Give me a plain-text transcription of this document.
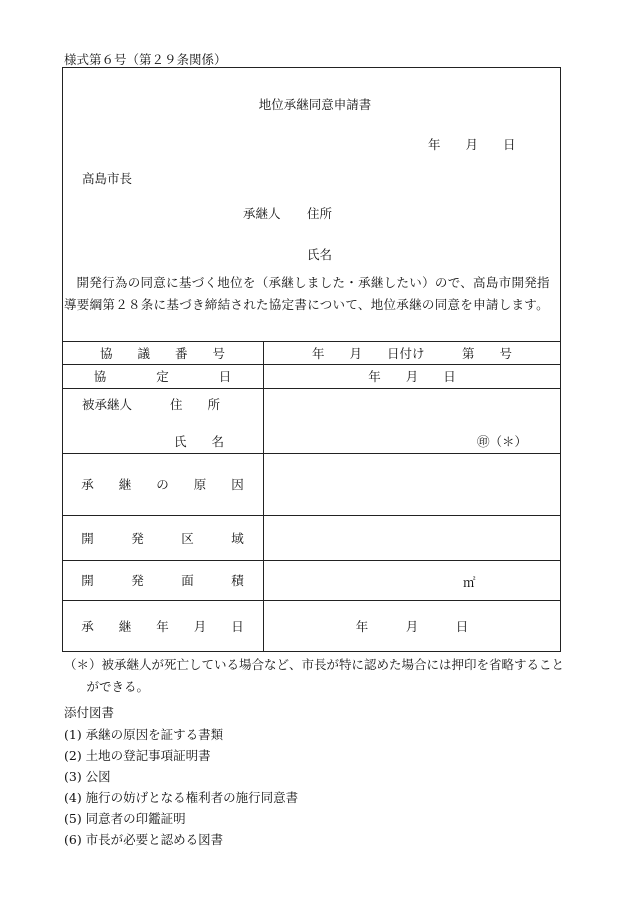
様式第６号（第２９条関係）
地位承継同意申請書
年　　月　　日
高島市長
承継人 住所
氏名
開発行為の同意に基づく地位を（承継しました・承継したい）ので、高島市開発指導要綱第２８条に基づき締結された協定書について、地位承継の同意を申請します。
協　　議　　番　　号	年　　月　　日付け　　　第　　号
協　　　　定　　　　日	年　　月　　日
被承継人	住　　所
氏　　名	㊞（＊）
承　　継　　の　　原　　因
開　　　発　　　区　　　域
開　　　発　　　面　　　積	㎡
承　　継　　年　　月　　日	年　　　月　　　日
（＊）被承継人が死亡している場合など、市長が特に認めた場合には押印を省略することができる。
添付図書
(1) 承継の原因を証する書類
(2) 土地の登記事項証明書
(3) 公図
(4) 施行の妨げとなる権利者の施行同意書
(5) 同意者の印鑑証明
(6) 市長が必要と認める図書
